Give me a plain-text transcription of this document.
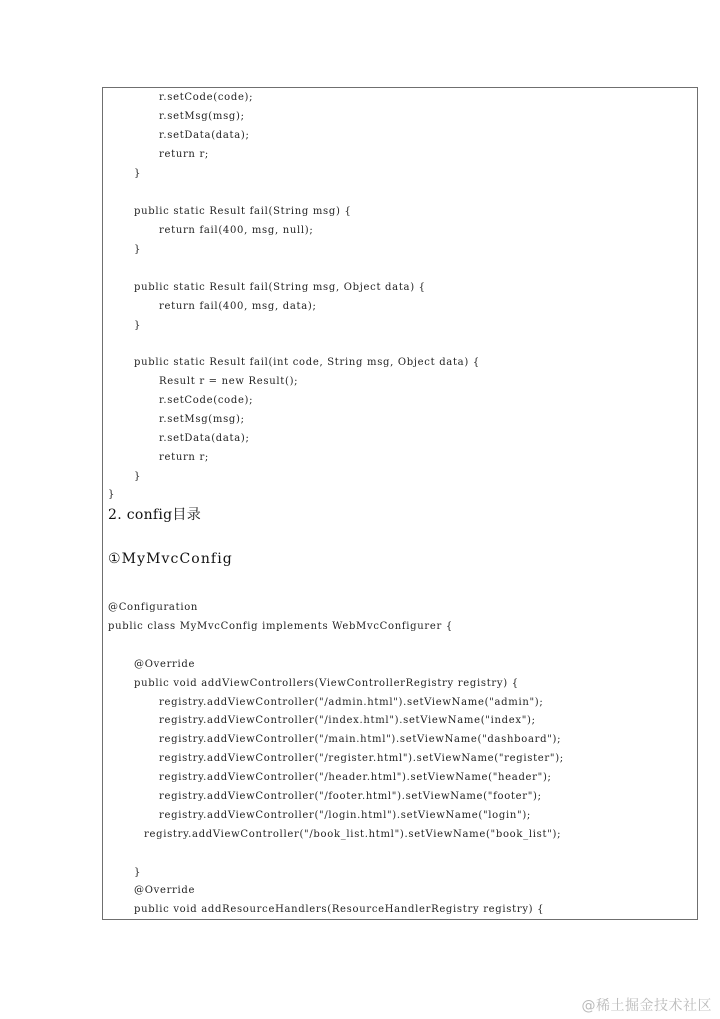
r.setCode(code);
r.setMsg(msg);
r.setData(data);
return r;
}
public static Result fail(String msg) {
return fail(400, msg, null);
}
public static Result fail(String msg, Object data) {
return fail(400, msg, data);
}
public static Result fail(int code, String msg, Object data) {
Result r = new Result();
r.setCode(code);
r.setMsg(msg);
r.setData(data);
return r;
}
}
2. config目录
①MyMvcConfig
@Configuration
public class MyMvcConfig implements WebMvcConfigurer {
@Override
public void addViewControllers(ViewControllerRegistry registry) {
registry.addViewController("/admin.html").setViewName("admin");
registry.addViewController("/index.html").setViewName("index");
registry.addViewController("/main.html").setViewName("dashboard");
registry.addViewController("/register.html").setViewName("register");
registry.addViewController("/header.html").setViewName("header");
registry.addViewController("/footer.html").setViewName("footer");
registry.addViewController("/login.html").setViewName("login");
registry.addViewController("/book_list.html").setViewName("book_list");
}
@Override
public void addResourceHandlers(ResourceHandlerRegistry registry) {
@稀土掘金技术社区
